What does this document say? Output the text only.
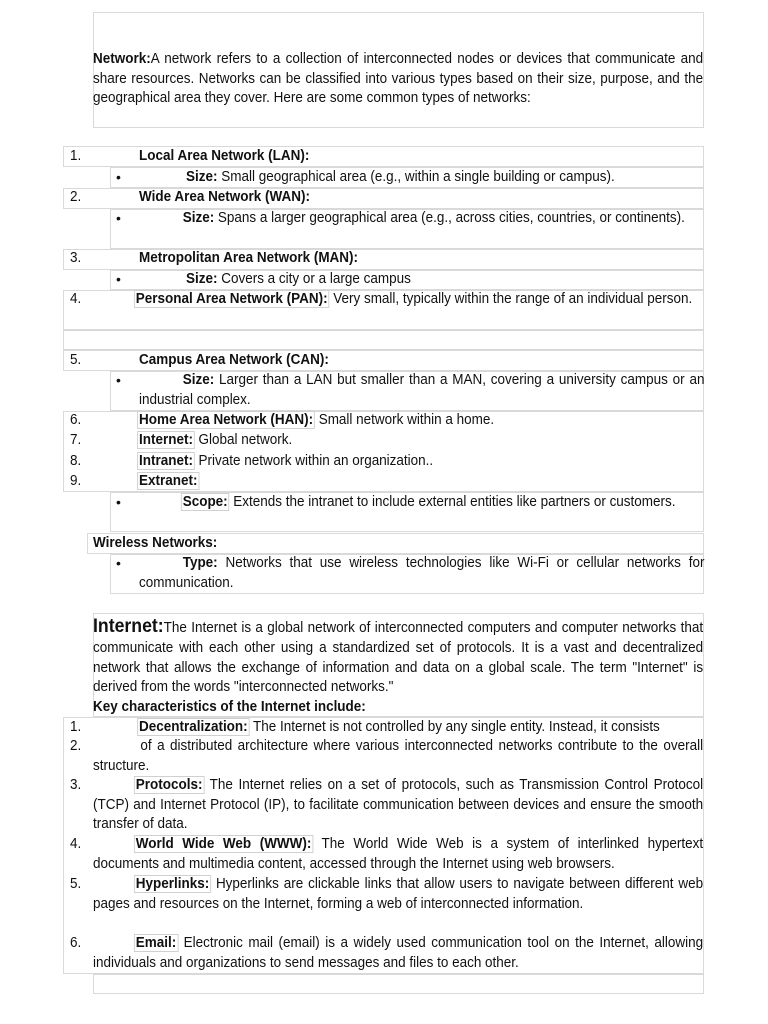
Network:A network refers to a collection of interconnected nodes or devices that communicate and share resources. Networks can be classified into various types based on their size, purpose, and the geographical area they cover. Here are some common types of networks:
1.	Local Area Network (LAN):
•	Size: Small geographical area (e.g., within a single building or campus).
2.	Wide Area Network (WAN):
•	Size: Spans a larger geographical area (e.g., across cities, countries, or continents).
3.	Metropolitan Area Network (MAN):
•	Size: Covers a city or a large campus
4.	Personal Area Network (PAN): Very small, typically within the range of an individual person.
5.	Campus Area Network (CAN):
•	Size: Larger than a LAN but smaller than a MAN, covering a university campus or an industrial complex.
6.	Home Area Network (HAN): Small network within a home.
7.	Internet: Global network.
8.	Intranet: Private network within an organization..
9.	Extranet:
•	Scope: Extends the intranet to include external entities like partners or customers.
Wireless Networks:
•	Type: Networks that use wireless technologies like Wi-Fi or cellular networks for communication.
Internet:The Internet is a global network of interconnected computers and computer networks that communicate with each other using a standardized set of protocols. It is a vast and decentralized network that allows the exchange of information and data on a global scale. The term "Internet" is derived from the words "interconnected networks."
Key characteristics of the Internet include:
1.	Decentralization: The Internet is not controlled by any single entity. Instead, it consists
2.	of a distributed architecture where various interconnected networks contribute to the overall structure.
3.	Protocols: The Internet relies on a set of protocols, such as Transmission Control Protocol (TCP) and Internet Protocol (IP), to facilitate communication between devices and ensure the smooth transfer of data.
4.	World Wide Web (WWW): The World Wide Web is a system of interlinked hypertext documents and multimedia content, accessed through the Internet using web browsers.
5.	Hyperlinks: Hyperlinks are clickable links that allow users to navigate between different web pages and resources on the Internet, forming a web of interconnected information.
6.	Email: Electronic mail (email) is a widely used communication tool on the Internet, allowing individuals and organizations to send messages and files to each other.
